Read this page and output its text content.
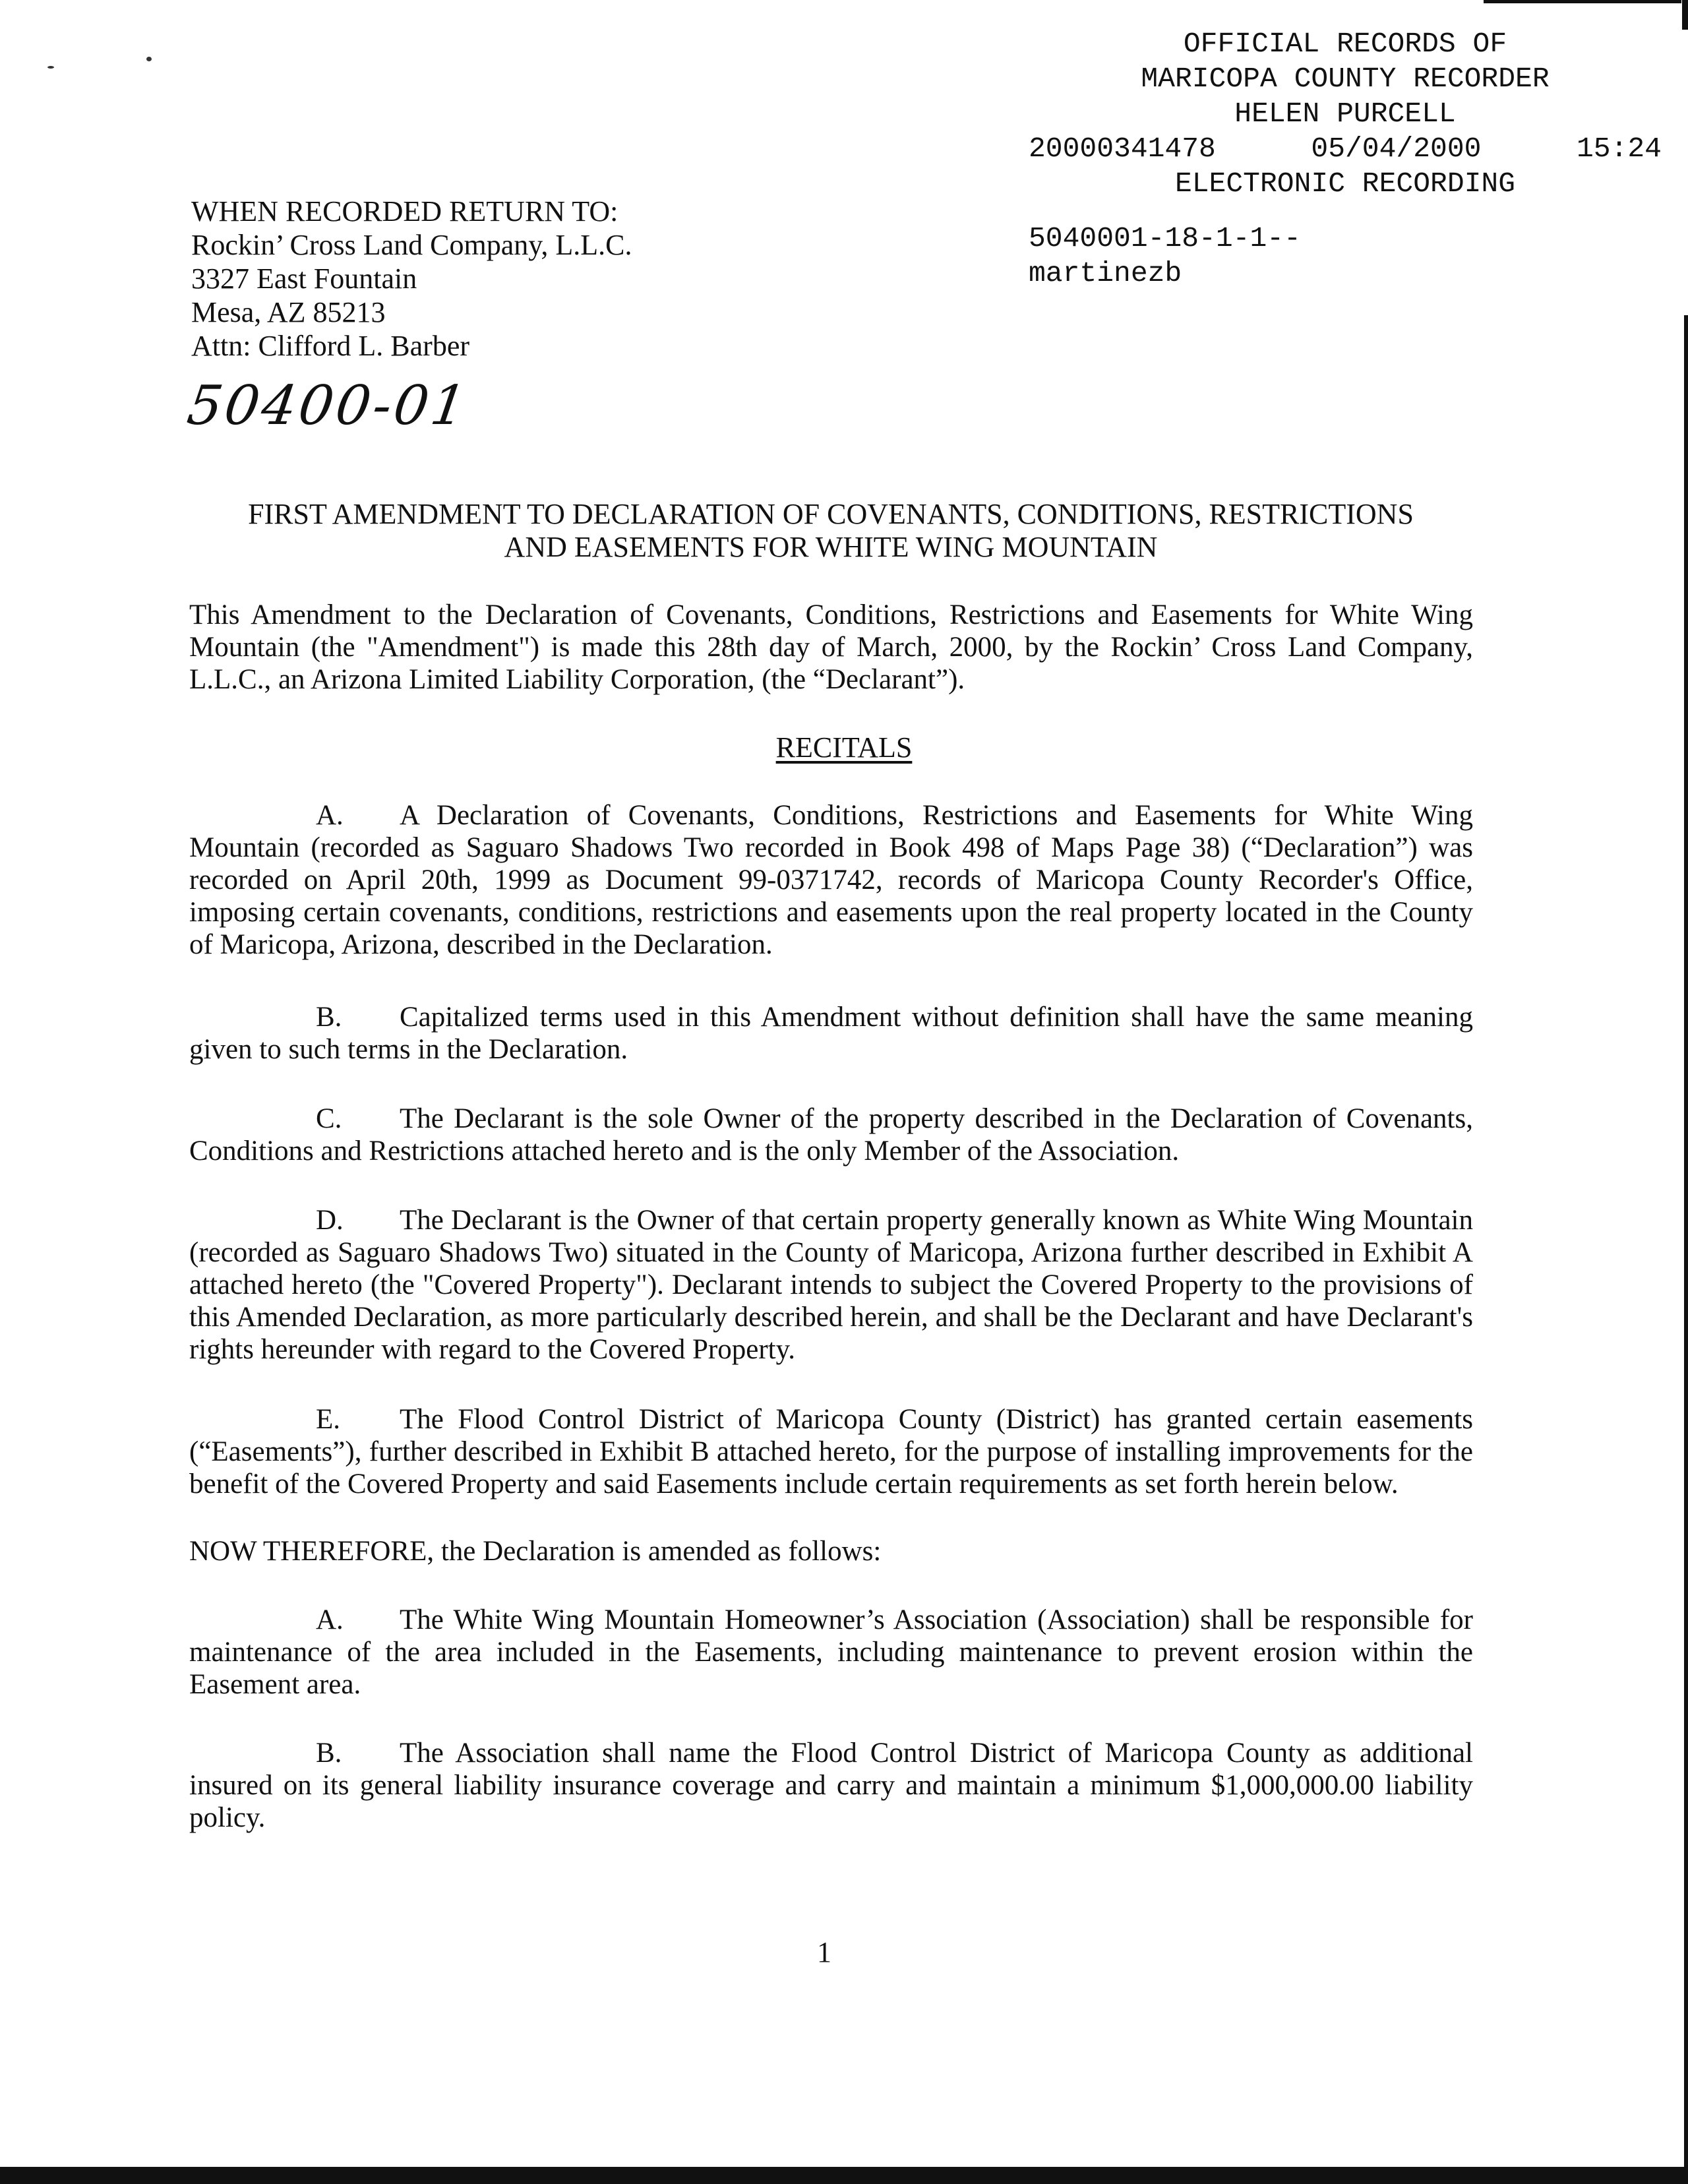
OFFICIAL RECORDS OF
MARICOPA COUNTY RECORDER
HELEN PURCELL
20000341478	05/04/2000	15:24
ELECTRONIC RECORDING
5040001-18-1-1--
martinezb
WHEN RECORDED RETURN TO:
Rockin’ Cross Land Company, L.L.C.
3327 East Fountain
Mesa, AZ 85213
Attn: Clifford L. Barber
50400-01
FIRST AMENDMENT TO DECLARATION OF COVENANTS, CONDITIONS, RESTRICTIONS
AND EASEMENTS FOR WHITE WING MOUNTAIN

This Amendment to the Declaration of Covenants, Conditions, Restrictions and Easements for White Wing Mountain (the "Amendment") is made this 28th day of March, 2000, by the Rockin’ Cross Land Company, L.L.C., an Arizona Limited Liability Corporation, (the “Declarant”).

RECITALS

A. A Declaration of Covenants, Conditions, Restrictions and Easements for White Wing Mountain (recorded as Saguaro Shadows Two recorded in Book 498 of Maps Page 38) (“Declaration”) was recorded on April 20th, 1999 as Document 99-0371742, records of Maricopa County Recorder's Office, imposing certain covenants, conditions, restrictions and easements upon the real property located in the County of Maricopa, Arizona, described in the Declaration.

B. Capitalized terms used in this Amendment without definition shall have the same meaning given to such terms in the Declaration.

C. The Declarant is the sole Owner of the property described in the Declaration of Covenants, Conditions and Restrictions attached hereto and is the only Member of the Association.

D. The Declarant is the Owner of that certain property generally known as White Wing Mountain (recorded as Saguaro Shadows Two) situated in the County of Maricopa, Arizona further described in Exhibit A attached hereto (the "Covered Property"). Declarant intends to subject the Covered Property to the provisions of this Amended Declaration, as more particularly described herein, and shall be the Declarant and have Declarant's rights hereunder with regard to the Covered Property.

E. The Flood Control District of Maricopa County (District) has granted certain easements (“Easements”), further described in Exhibit B attached hereto, for the purpose of installing improvements for the benefit of the Covered Property and said Easements include certain requirements as set forth herein below.

NOW THEREFORE, the Declaration is amended as follows:

A. The White Wing Mountain Homeowner’s Association (Association) shall be responsible for maintenance of the area included in the Easements, including maintenance to prevent erosion within the Easement area.

B. The Association shall name the Flood Control District of Maricopa County as additional insured on its general liability insurance coverage and carry and maintain a minimum $1,000,000.00 liability policy.

1
